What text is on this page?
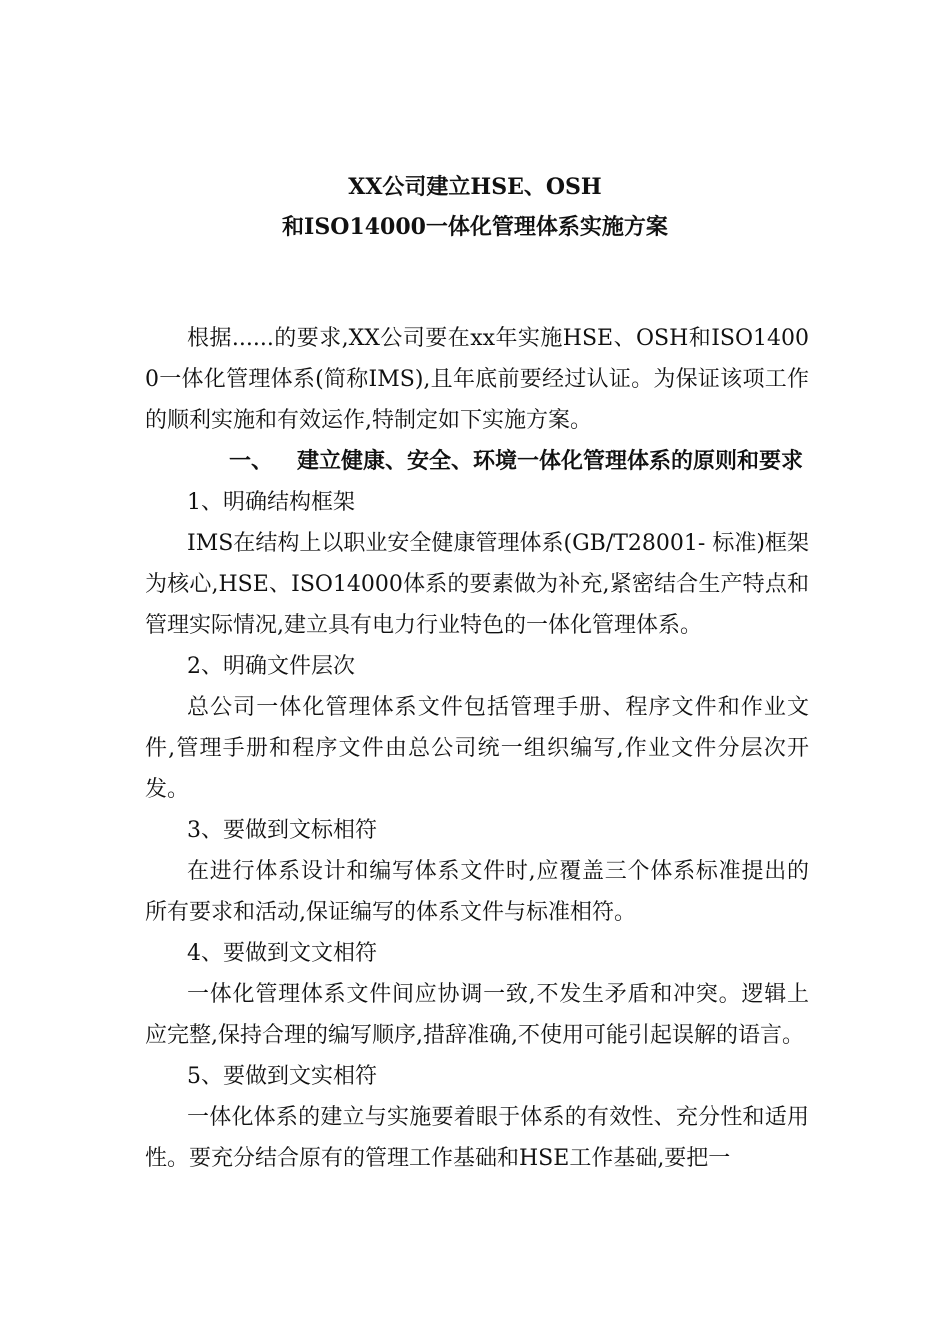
XX公司建立HSE、OSH
和ISO14000一体化管理体系实施方案

根据......的要求,XX公司要在xx年实施HSE、OSH和ISO14000一体化管理体系(简称IMS),且年底前要经过认证。为保证该项工作的顺利实施和有效运作,特制定如下实施方案。

一、 建立健康、安全、环境一体化管理体系的原则和要求

1、明确结构框架

IMS在结构上以职业安全健康管理体系(GB/T28001- 标准)框架为核心,HSE、ISO14000体系的要素做为补充,紧密结合生产特点和管理实际情况,建立具有电力行业特色的一体化管理体系。

2、明确文件层次

总公司一体化管理体系文件包括管理手册、程序文件和作业文件,管理手册和程序文件由总公司统一组织编写,作业文件分层次开发。

3、要做到文标相符

在进行体系设计和编写体系文件时,应覆盖三个体系标准提出的所有要求和活动,保证编写的体系文件与标准相符。

4、要做到文文相符

一体化管理体系文件间应协调一致,不发生矛盾和冲突。逻辑上应完整,保持合理的编写顺序,措辞准确,不使用可能引起误解的语言。

5、要做到文实相符

一体化体系的建立与实施要着眼于体系的有效性、充分性和适用性。要充分结合原有的管理工作基础和HSE工作基础,要把一
